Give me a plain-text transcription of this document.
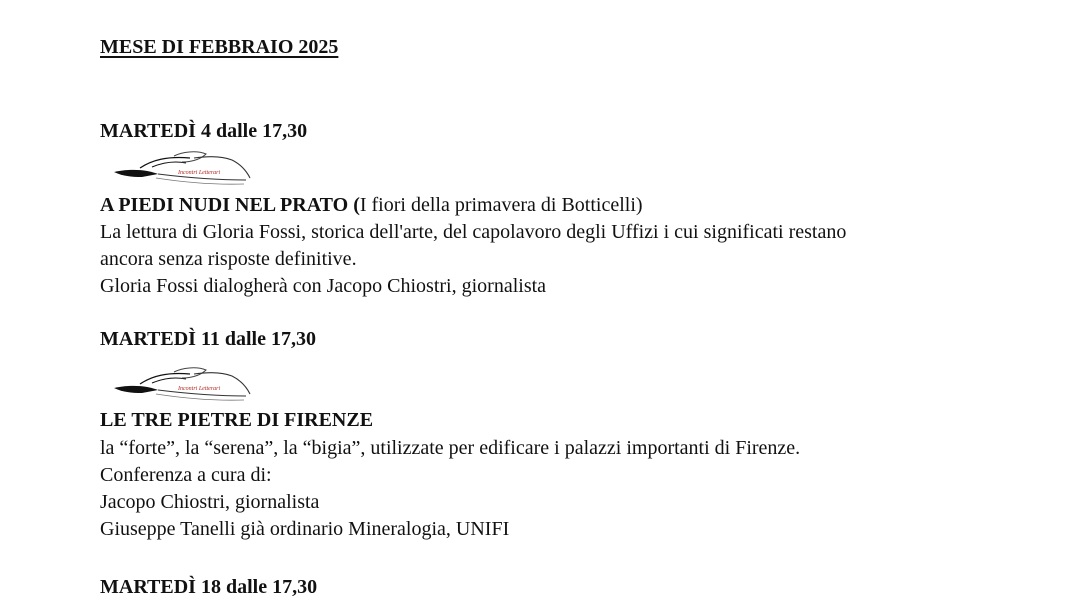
MESE DI FEBBRAIO 2025
MARTEDÌ 4 dalle 17,30
Incontri Letterari
A PIEDI NUDI NEL PRATO (I fiori della primavera di Botticelli)
La lettura di Gloria Fossi, storica dell'arte, del capolavoro degli Uffizi i cui significati restano
ancora senza risposte definitive.
Gloria Fossi dialogherà con Jacopo Chiostri, giornalista
MARTEDÌ 11 dalle 17,30
Incontri Letterari
LE TRE PIETRE DI FIRENZE
la “forte”, la “serena”, la “bigia”, utilizzate per edificare i palazzi importanti di Firenze.
Conferenza a cura di:
Jacopo Chiostri, giornalista
Giuseppe Tanelli già ordinario Mineralogia, UNIFI
MARTEDÌ 18 dalle 17,30
